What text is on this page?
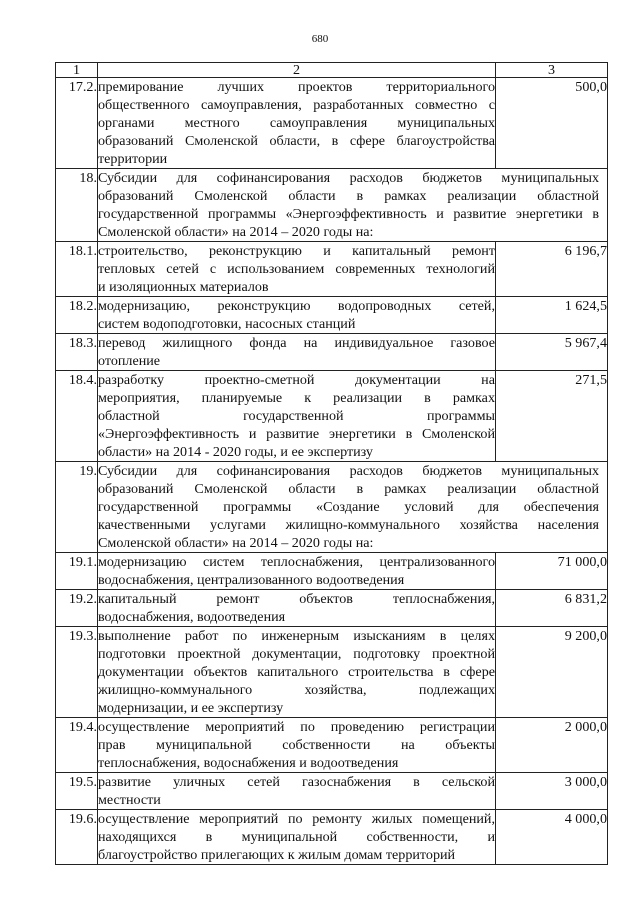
680
1	2	3
17.2.	премирование лучших проектов территориального
общественного самоуправления, разработанных совместно с
органами местного самоуправления муниципальных
образований Смоленской области, в сфере благоустройства
территории	500,0
18.	Субсидии для софинансирования расходов бюджетов муниципальных
образований Смоленской области в рамках реализации областной
государственной программы «Энергоэффективность и развитие энергетики в
Смоленской области» на 2014 – 2020 годы на:	

18.1.	строительство, реконструкцию и капитальный ремонт
тепловых сетей с использованием современных технологий
и изоляционных материалов	6 196,7
18.2.	модернизацию, реконструкцию водопроводных сетей,
систем водоподготовки, насосных станций	1 624,5
18.3.	перевод жилищного фонда на индивидуальное газовое
отопление	5 967,4
18.4.	разработку проектно-сметной документации на
мероприятия, планируемые к реализации в рамках
областной государственной программы
«Энергоэффективность и развитие энергетики в Смоленской
области» на 2014 - 2020 годы, и ее экспертизу	271,5
19.	Субсидии для софинансирования расходов бюджетов муниципальных
образований Смоленской области в рамках реализации областной
государственной программы «Создание условий для обеспечения
качественными услугами жилищно-коммунального хозяйства населения
Смоленской области» на 2014 – 2020 годы на:	

19.1.	модернизацию систем теплоснабжения, централизованного
водоснабжения, централизованного водоотведения	71 000,0
19.2.	капитальный ремонт объектов теплоснабжения,
водоснабжения, водоотведения	6 831,2
19.3.	выполнение работ по инженерным изысканиям в целях
подготовки проектной документации, подготовку проектной
документации объектов капитального строительства в сфере
жилищно-коммунального хозяйства, подлежащих
модернизации, и ее экспертизу	9 200,0
19.4.	осуществление мероприятий по проведению регистрации
прав муниципальной собственности на объекты
теплоснабжения, водоснабжения и водоотведения	2 000,0
19.5.	развитие уличных сетей газоснабжения в сельской
местности	3 000,0
19.6.	осуществление мероприятий по ремонту жилых помещений,
находящихся в муниципальной собственности, и
благоустройство прилегающих к жилым домам территорий	4 000,0
